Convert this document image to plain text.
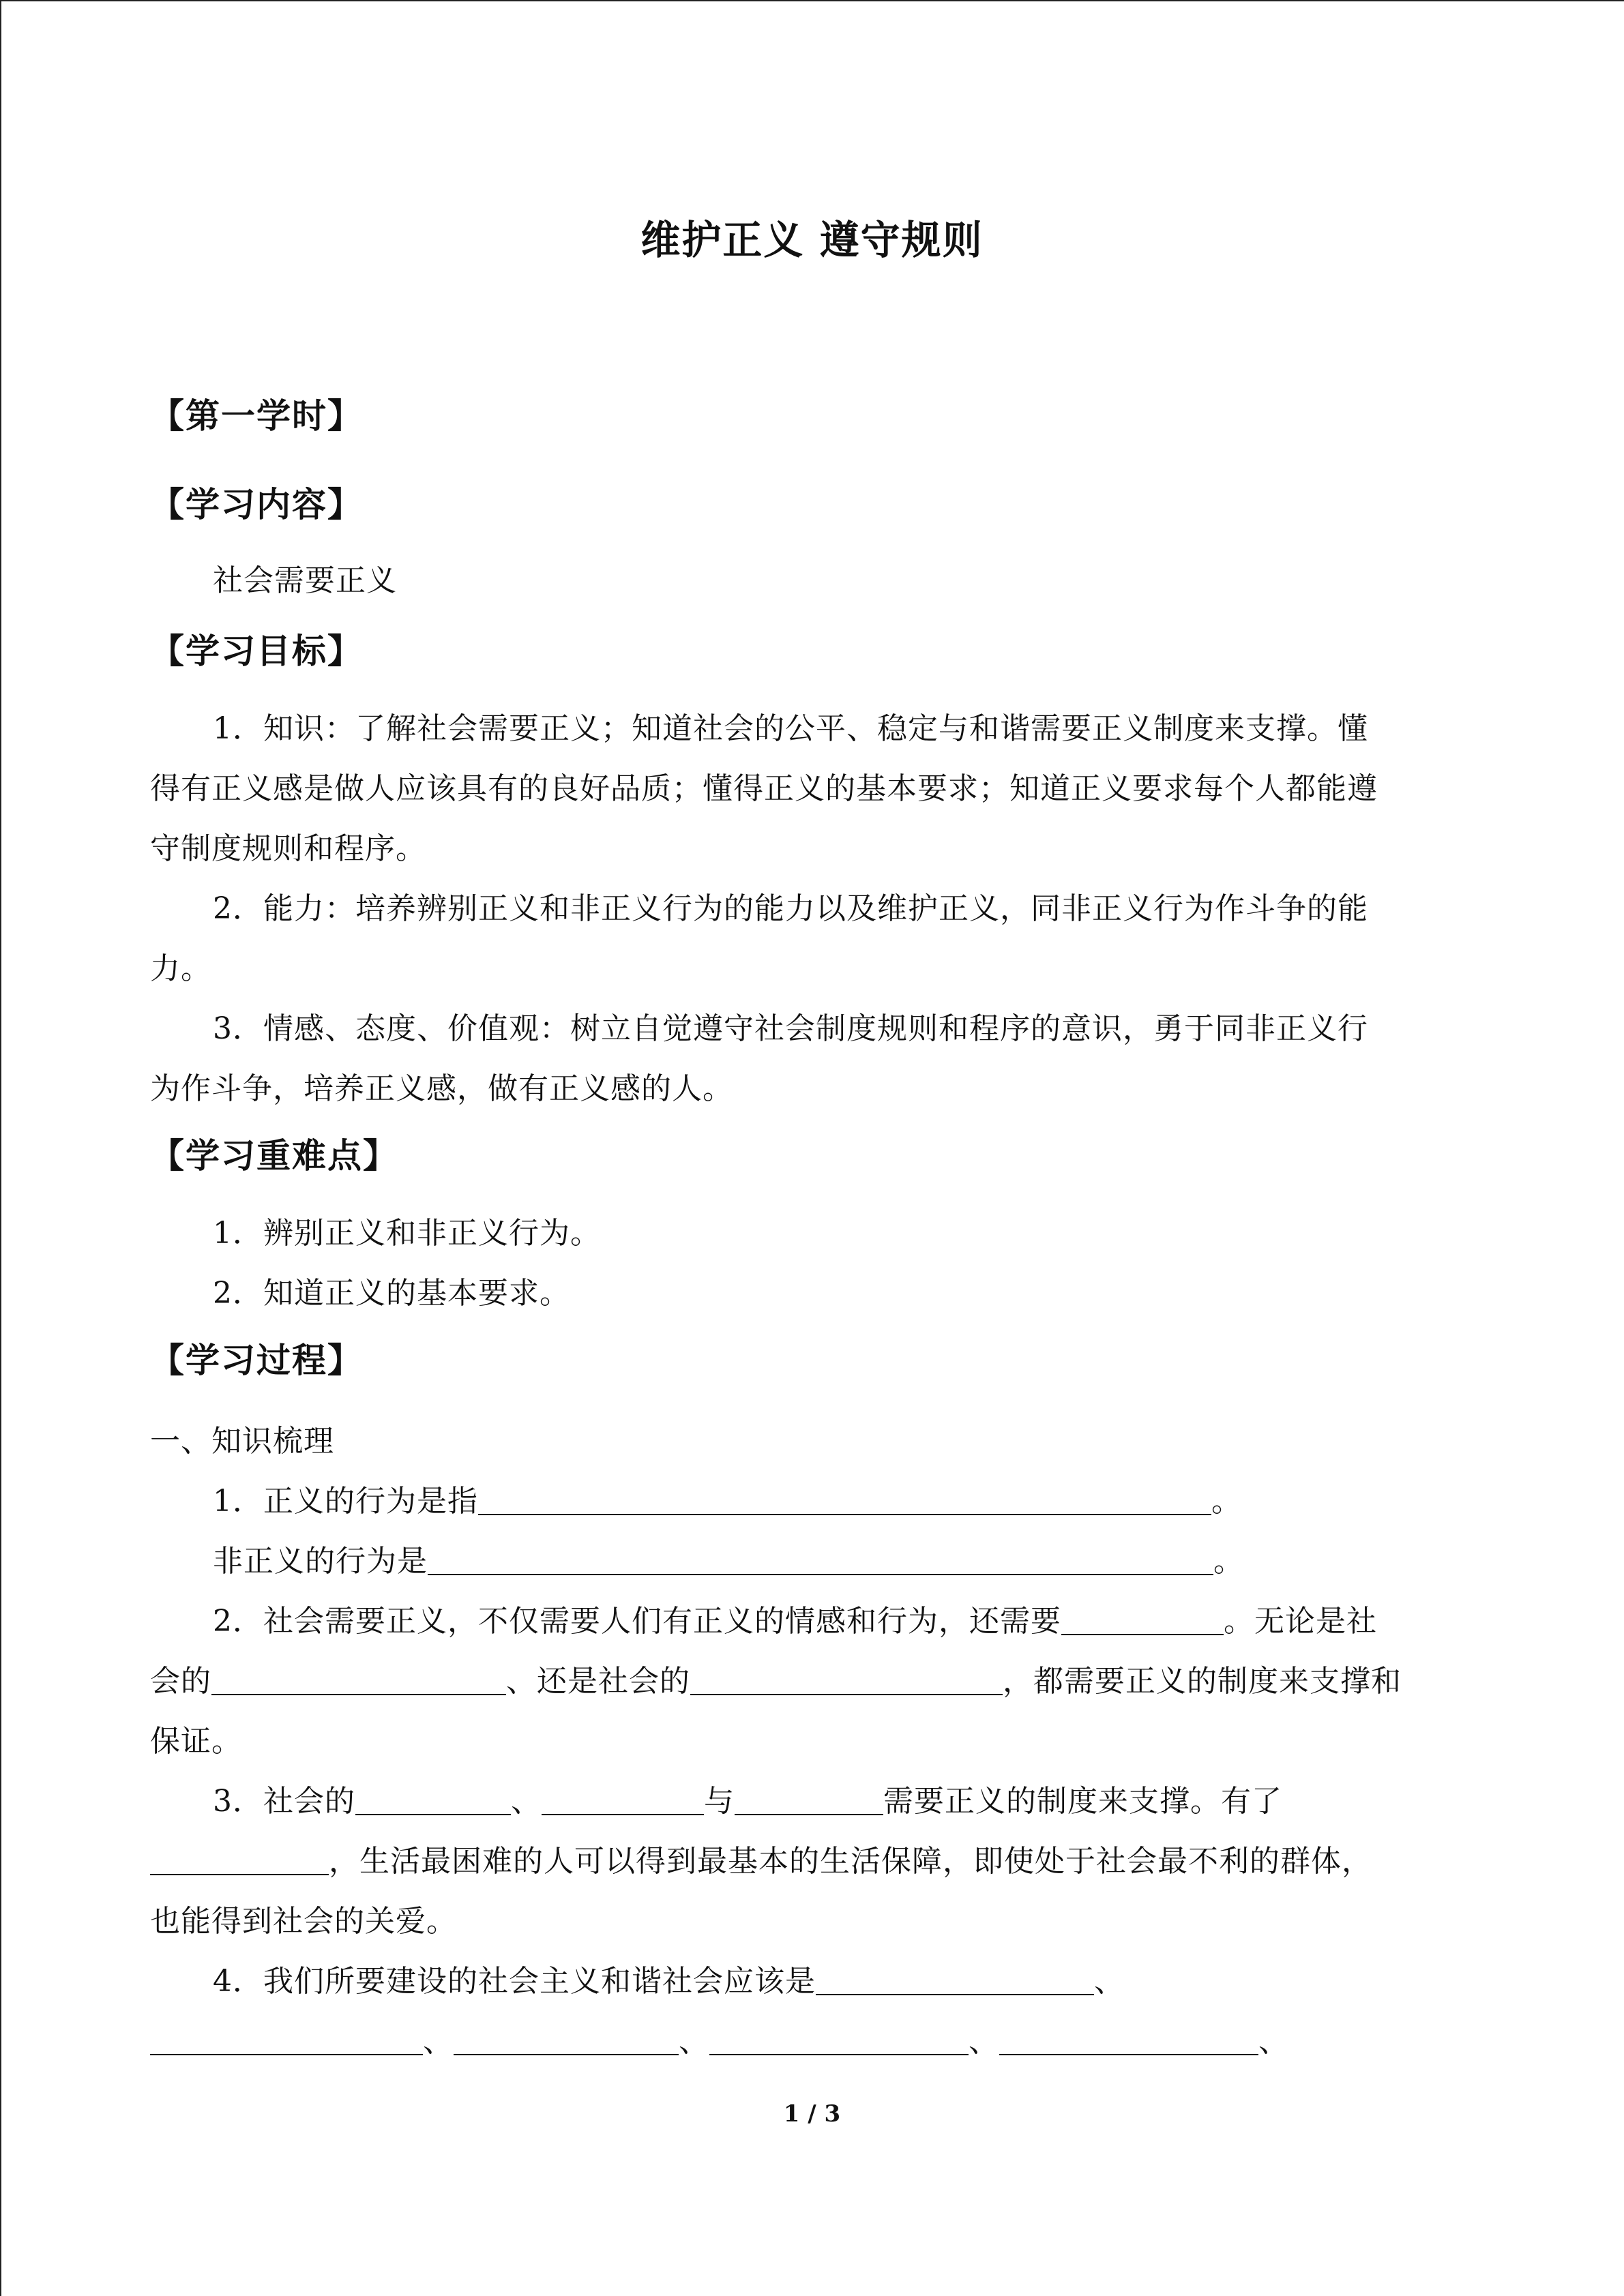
维护正义 遵守规则
【第一学时】
【学习内容】
社会需要正义
【学习目标】
1．知识：了解社会需要正义；知道社会的公平、稳定与和谐需要正义制度来支撑。懂
得有正义感是做人应该具有的良好品质；懂得正义的基本要求；知道正义要求每个人都能遵
守制度规则和程序。
2．能力：培养辨别正义和非正义行为的能力以及维护正义，同非正义行为作斗争的能
力。
3．情感、态度、价值观：树立自觉遵守社会制度规则和程序的意识，勇于同非正义行
为作斗争，培养正义感，做有正义感的人。
【学习重难点】
1．辨别正义和非正义行为。
2．知道正义的基本要求。
【学习过程】
一、知识梳理
1．正义的行为是指	。
非正义的行为是	。
2．社会需要正义，不仅需要人们有正义的情感和行为，还需要	。无论是社
会的	、还是社会的	，都需要正义的制度来支撑和
保证。
3．社会的	、	与	需要正义的制度来支撑。有了
，生活最困难的人可以得到最基本的生活保障，即使处于社会最不利的群体，
也能得到社会的关爱。
4．我们所要建设的社会主义和谐社会应该是	、
、	、	、	、
1 / 3
